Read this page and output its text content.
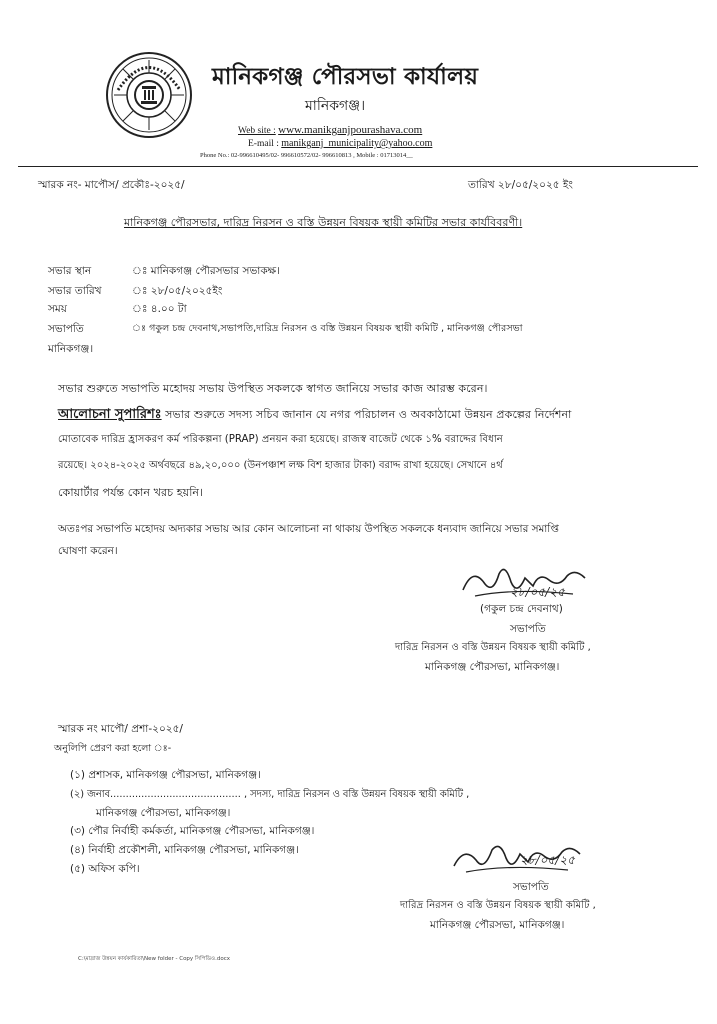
মানিকগঞ্জ পৌরসভা কার্যালয়
মানিকগঞ্জ।
Web site : www.manikganjpourashava.com
E-mail : manikganj_municipality@yahoo.com
Phone No.: 02-996610495/02- 996610572/02- 996610813 , Mobile : 01713014__
স্মারক নং- মাপৌস/ প্রকৌঃ-২০২৫/	তারিখ ২৮/০৫/২০২৫ ইং
মানিকগঞ্জ পৌরসভার, দারিদ্র নিরসন ও বস্তি উন্নয়ন বিষয়ক স্থায়ী কমিটির সভার কার্যবিবরণী।
সভার স্থান	ঃ মানিকগঞ্জ পৌরসভার সভাকক্ষ।
সভার তারিখ	ঃ ২৮/০৫/২০২৫ইং
সময়	ঃ ৪.০০ টা
সভাপতি	ঃ গকুল চন্দ্র দেবনাথ,সভাপতি,দারিদ্র নিরসন ও বস্তি উন্নয়ন বিষয়ক স্থায়ী কমিটি , মানিকগঞ্জ পৌরসভা
মানিকগঞ্জ।
সভার শুরুতে সভাপতি মহোদয় সভায় উপস্থিত সকলকে স্বাগত জানিয়ে সভার কাজ আরম্ভ করেন।
আলোচনা সুপারিশঃ সভার শুরুতে সদস্য সচিব জানান যে নগর পরিচালন ও অবকাঠামো উন্নয়ন প্রকল্পের নির্দেশনা
মোতাবেক দারিদ্র হ্রাসকরণ কর্ম পরিকল্পনা (PRAP) প্রনয়ন করা হয়েছে। রাজস্ব বাজেট থেকে ১% বরাদ্দের বিধান
রয়েছে। ২০২৪-২০২৫ অর্থবছরে ৪৯,২০,০০০ (উনপঞ্চাশ লক্ষ বিশ হাজার টাকা) বরাদ্দ রাখা হয়েছে। সেখানে ৪র্থ
কোয়ার্টার পর্যন্ত কোন খরচ হয়নি।
অতঃপর সভাপতি মহোদয় অদ্যকার সভায় আর কোন আলোচনা না থাকায় উপস্থিত সকলকে ধন্যবাদ জানিয়ে সভার সমাপ্তি
ঘোষণা করেন।
২৮/০৫/২৫
(গকুল চন্দ্র দেবনাথ)
সভাপতি
দারিদ্র নিরসন ও বস্তি উন্নয়ন বিষয়ক স্থায়ী কমিটি ,
মানিকগঞ্জ পৌরসভা, মানিকগঞ্জ।
স্মারক নং মাপৌ/ প্রশা-২০২৫/
অনুলিপি প্রেরণ করা হলো ঃ-
(১) প্রশাসক, মানিকগঞ্জ পৌরসভা, মানিকগঞ্জ।
(২) জনাব.......................................... , সদস্য, দারিদ্র নিরসন ও বস্তি উন্নয়ন বিষয়ক স্থায়ী কমিটি ,
মানিকগঞ্জ পৌরসভা, মানিকগঞ্জ।
(৩) পৌর নির্বাহী কর্মকর্তা, মানিকগঞ্জ পৌরসভা, মানিকগঞ্জ।
(৪) নির্বাহী প্রকৌশলী, মানিকগঞ্জ পৌরসভা, মানিকগঞ্জ।
(৫) অফিস কপি।
২৮/০৫/২৫
সভাপতি
দারিদ্র নিরসন ও বস্তি উন্নয়ন বিষয়ক স্থায়ী কমিটি ,
মানিকগঞ্জ পৌরসভা, মানিকগঞ্জ।
C:\মাদ্রাজ উন্নয়ন কার্যকারিতা\New folder - Copy সিপিডিও.docx
